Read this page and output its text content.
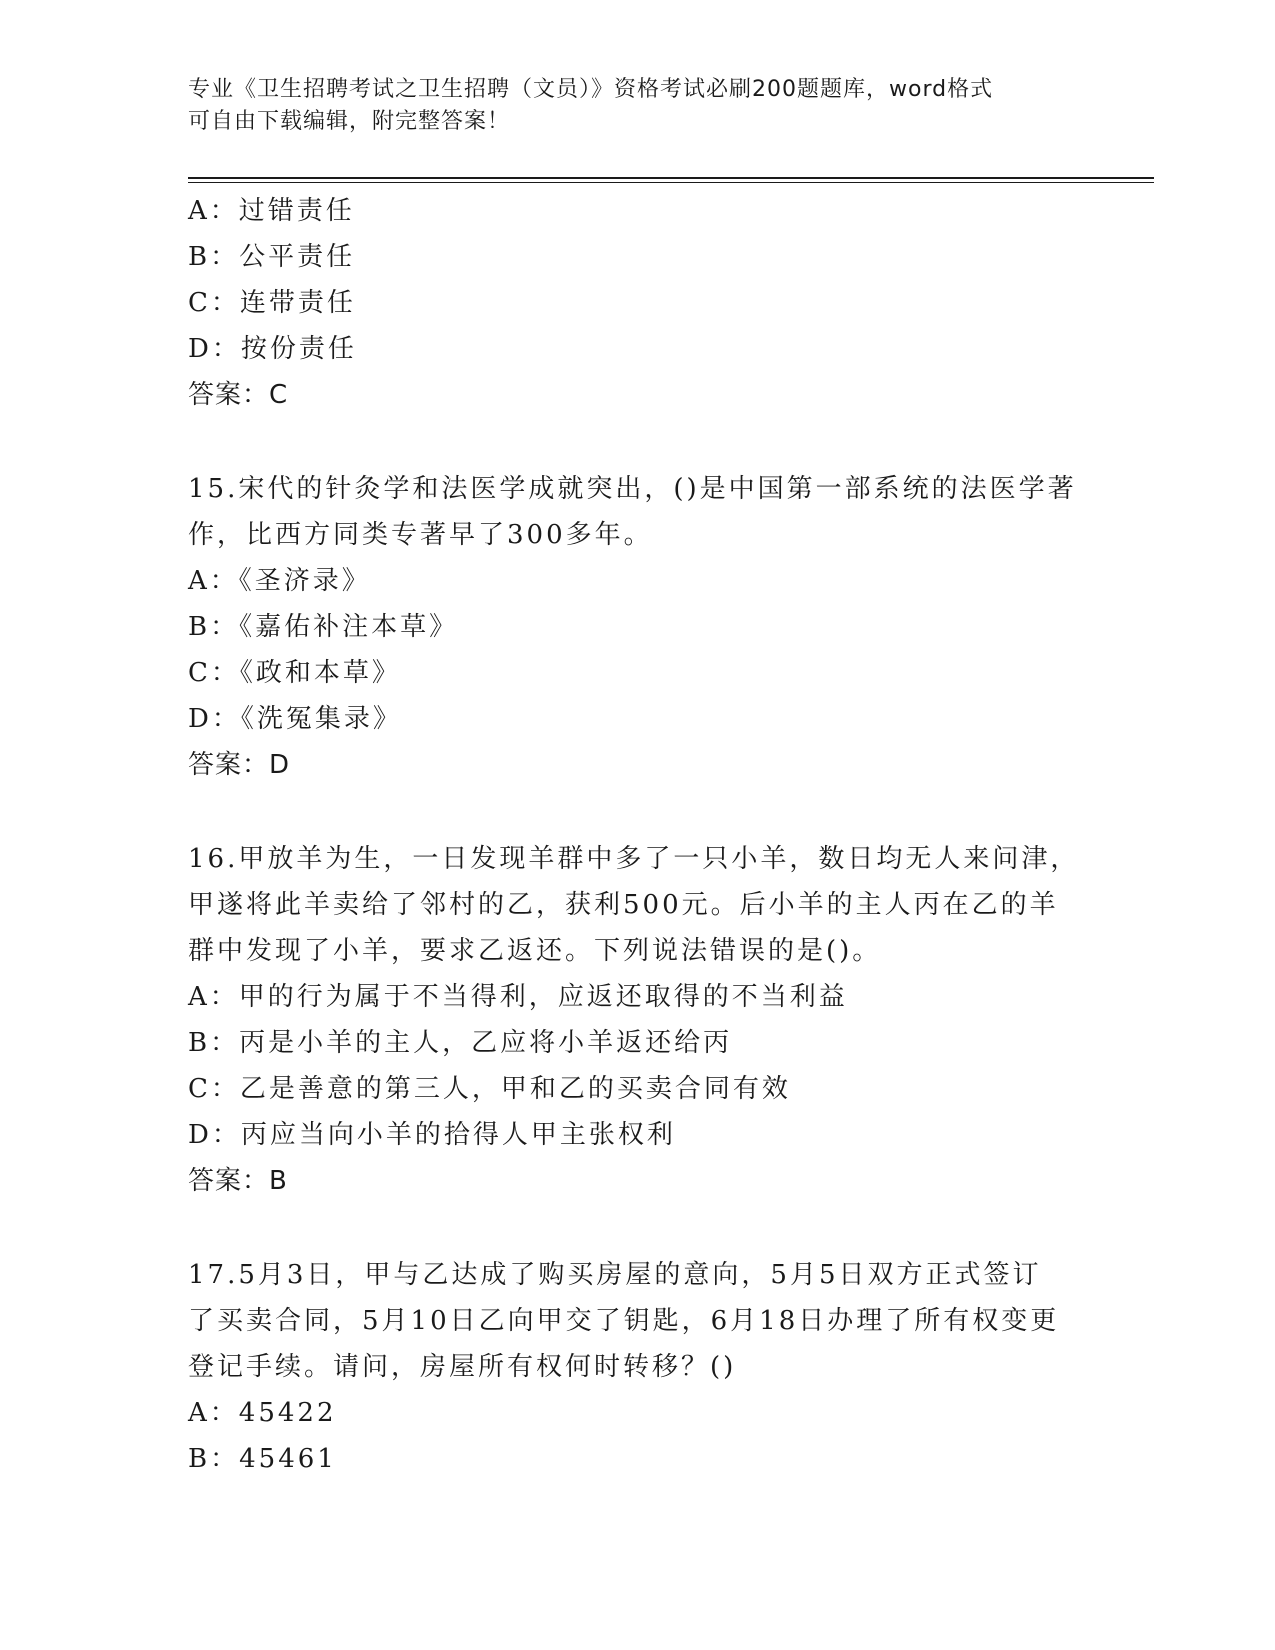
专业《卫生招聘考试之卫生招聘（文员）》资格考试必刷200题题库，word格式
可自由下载编辑，附完整答案！
A：过错责任
B：公平责任
C：连带责任
D：按份责任
答案：C
15.宋代的针灸学和法医学成就突出，()是中国第一部系统的法医学著
作，比西方同类专著早了300多年。
A：《圣济录》
B：《嘉佑补注本草》
C：《政和本草》
D：《洗冤集录》
答案：D
16.甲放羊为生，一日发现羊群中多了一只小羊，数日均无人来问津，
甲遂将此羊卖给了邻村的乙，获利500元。后小羊的主人丙在乙的羊
群中发现了小羊，要求乙返还。下列说法错误的是()。
A：甲的行为属于不当得利，应返还取得的不当利益
B：丙是小羊的主人，乙应将小羊返还给丙
C：乙是善意的第三人，甲和乙的买卖合同有效
D：丙应当向小羊的拾得人甲主张权利
答案：B
17.5月3日，甲与乙达成了购买房屋的意向，5月5日双方正式签订
了买卖合同，5月10日乙向甲交了钥匙，6月18日办理了所有权变更
登记手续。请问，房屋所有权何时转移？()
A：45422
B：45461
